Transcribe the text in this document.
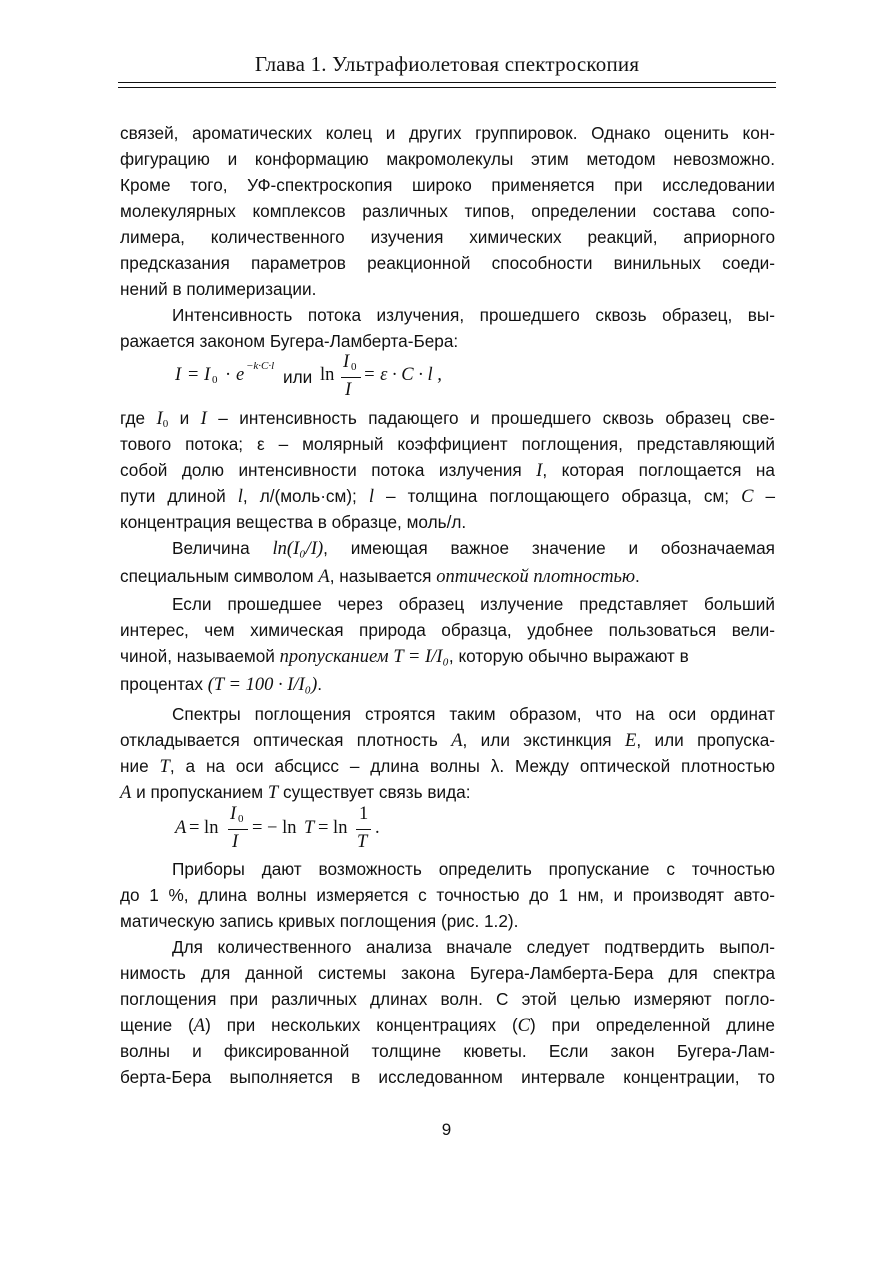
Глава 1. Ультрафиолетовая спектроскопия
связей, ароматических колец и других группировок. Однако оценить кон-
фигурацию и конформацию макромолекулы этим методом невозможно.
Кроме того, УФ-спектроскопия широко применяется при исследовании
молекулярных комплексов различных типов, определении состава сопо-
лимера, количественного изучения химических реакций, априорного
предсказания параметров реакционной способности винильных соеди-
нений в полимеризации.
Интенсивность потока излучения, прошедшего сквозь образец, вы-
ражается законом Бугера-Ламберта-Бера:
I = I 0 · e −k·C·l
или ln
I 0
I
= ε · C · l ,
где $I_0$ и I – интенсивность падающего и прошедшего сквозь образец све-
тового потока; ε – молярный коэффициент поглощения, представляющий
собой долю интенсивности потока излучения I, которая поглощается на
пути длиной l, л/(моль·см); l – толщина поглощающего образца, см; C –
концентрация вещества в образце, моль/л.
Величина ln(I₀/I), имеющая важное значение и обозначаемая
специальным символом A, называется оптической плотностью.
Если прошедшее через образец излучение представляет больший
интерес, чем химическая природа образца, удобнее пользоваться вели-
чиной, называемой пропусканием T = I/I₀, которую обычно выражают в
процентах (T = 100 · I/I₀).
Спектры поглощения строятся таким образом, что на оси ординат
откладывается оптическая плотность A, или экстинкция E, или пропуска-
ние T, а на оси абсцисс – длина волны λ. Между оптической плотностью
A и пропусканием T существует связь вида:
A = ln
I 0
I
= − ln T = ln
1
T
.
Приборы дают возможность определить пропускание с точностью
до 1 %, длина волны измеряется с точностью до 1 нм, и производят авто-
матическую запись кривых поглощения (рис. 1.2).
Для количественного анализа вначале следует подтвердить выпол-
нимость для данной системы закона Бугера-Ламберта-Бера для спектра
поглощения при различных длинах волн. С этой целью измеряют погло-
щение (A) при нескольких концентрациях (C) при определенной длине
волны и фиксированной толщине кюветы. Если закон Бугера-Лам-
берта-Бера выполняется в исследованном интервале концентрации, то
9
